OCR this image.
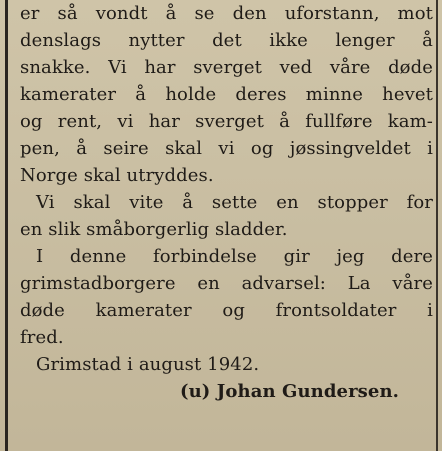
er så vondt å se den uforstann, mot
denslags nytter det ikke lenger å
snakke. Vi har sverget ved våre døde
kamerater å holde deres minne hevet
og rent, vi har sverget å fullføre kam-
pen, å seire skal vi og jøssingveldet i
Norge skal utryddes.
Vi skal vite å sette en stopper for
en slik småborgerlig sladder.
I denne forbindelse gir jeg dere
grimstadborgere en advarsel: La våre
døde kamerater og frontsoldater i
fred.
Grimstad i august 1942.
(u) Johan Gundersen.
